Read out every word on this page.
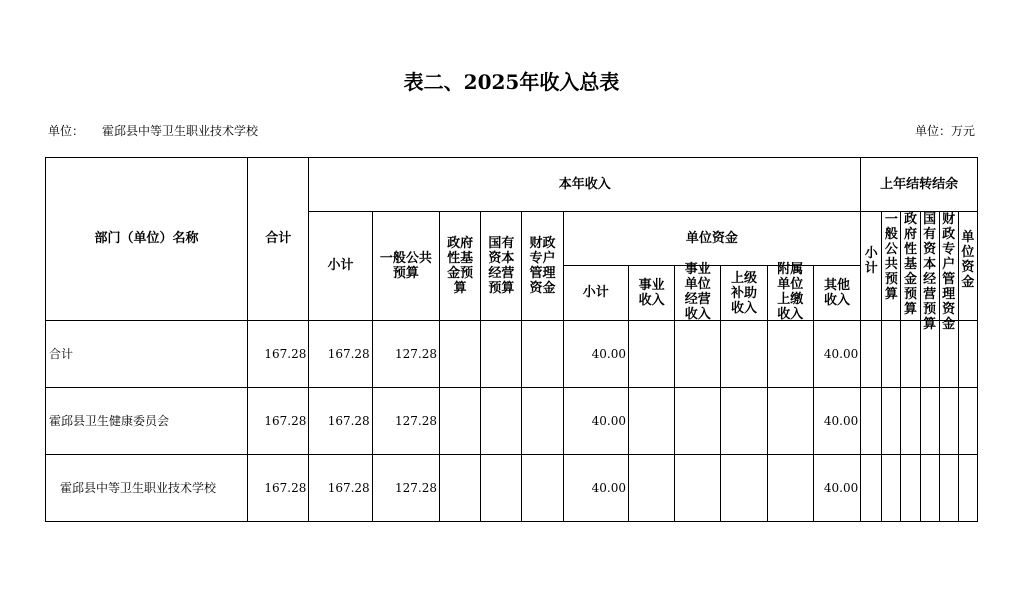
表二、2025年收入总表
单位： 霍邱县中等卫生职业技术学校	单位：万元
部门（单位）名称	合计	本年收入											上年结转结余					
		小计	一般公共预算	政府性基金预算	国有资本经营预算	财政专户管理资金	单位资金						小计	一般公共预算	政府性基金预算	国有资本经营预算	财政专户管理资金	单位资金

							小计	事业收入	事业单位经营收入	上级补助收入	附属单位上缴收入	其他收入						

合计	167.28	167.28	127.28				40.00					40.00						
霍邱县卫生健康委员会	167.28	167.28	127.28				40.00					40.00						
霍邱县中等卫生职业技术学校	167.28	167.28	127.28				40.00					40.00						
